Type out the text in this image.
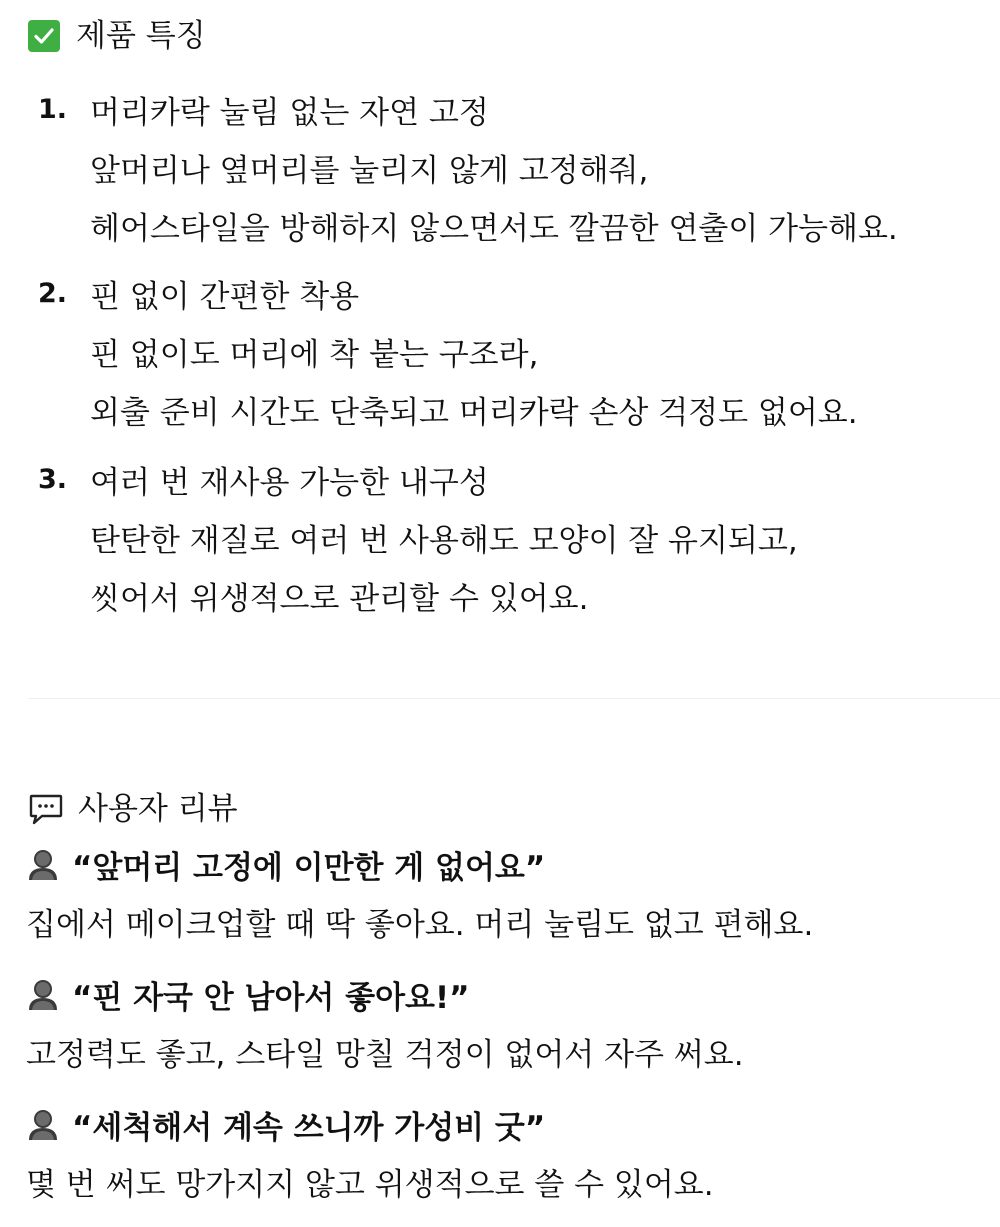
제품 특징
1. 머리카락 눌림 없는 자연 고정
앞머리나 옆머리를 눌리지 않게 고정해줘,
헤어스타일을 방해하지 않으면서도 깔끔한 연출이 가능해요.
2. 핀 없이 간편한 착용
핀 없이도 머리에 착 붙는 구조라,
외출 준비 시간도 단축되고 머리카락 손상 걱정도 없어요.
3. 여러 번 재사용 가능한 내구성
탄탄한 재질로 여러 번 사용해도 모양이 잘 유지되고,
씻어서 위생적으로 관리할 수 있어요.
사용자 리뷰
“앞머리 고정에 이만한 게 없어요”
집에서 메이크업할 때 딱 좋아요. 머리 눌림도 없고 편해요.
“핀 자국 안 남아서 좋아요!”
고정력도 좋고, 스타일 망칠 걱정이 없어서 자주 써요.
“세척해서 계속 쓰니까 가성비 굿”
몇 번 써도 망가지지 않고 위생적으로 쓸 수 있어요.
